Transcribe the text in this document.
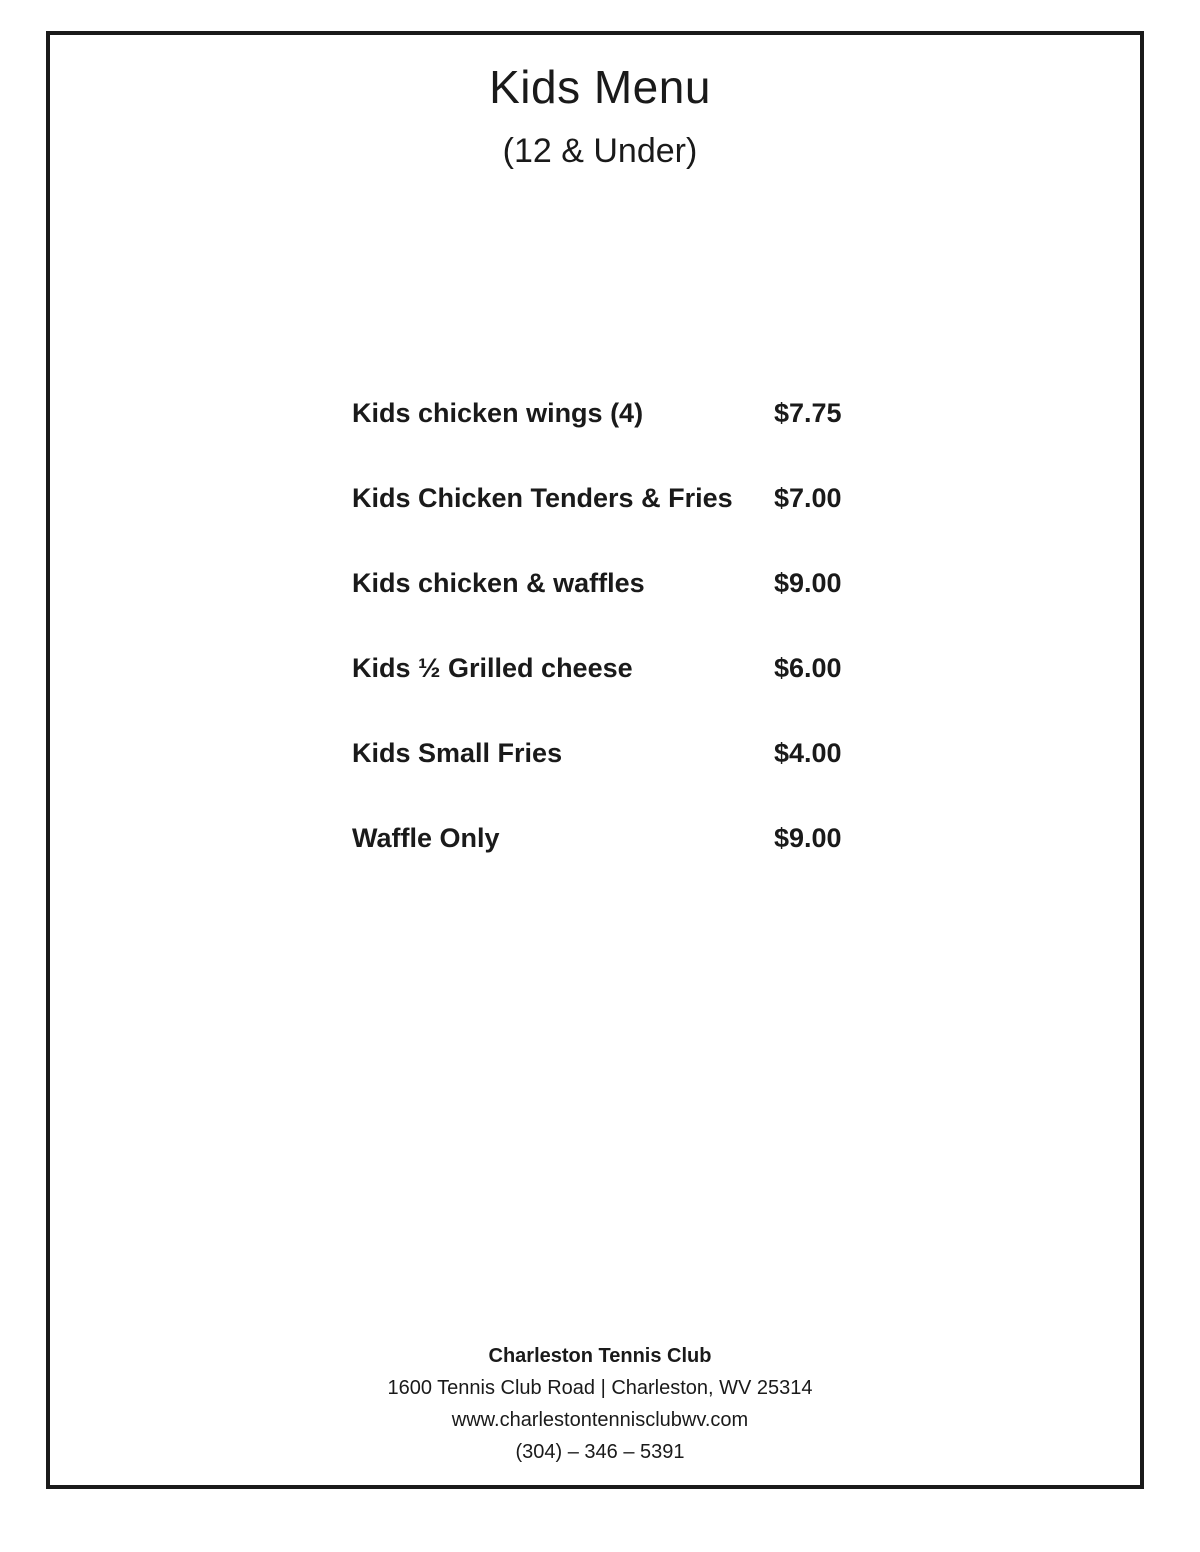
Kids Menu
(12 & Under)
Kids chicken wings (4)	$7.75
Kids Chicken Tenders & Fries $7.00
Kids chicken & waffles	$9.00
Kids ½ Grilled cheese	$6.00
Kids Small Fries	$4.00
Waffle Only	$9.00
Charleston Tennis Club
1600 Tennis Club Road | Charleston, WV 25314
www.charlestontennisclubwv.com
(304) – 346 – 5391
